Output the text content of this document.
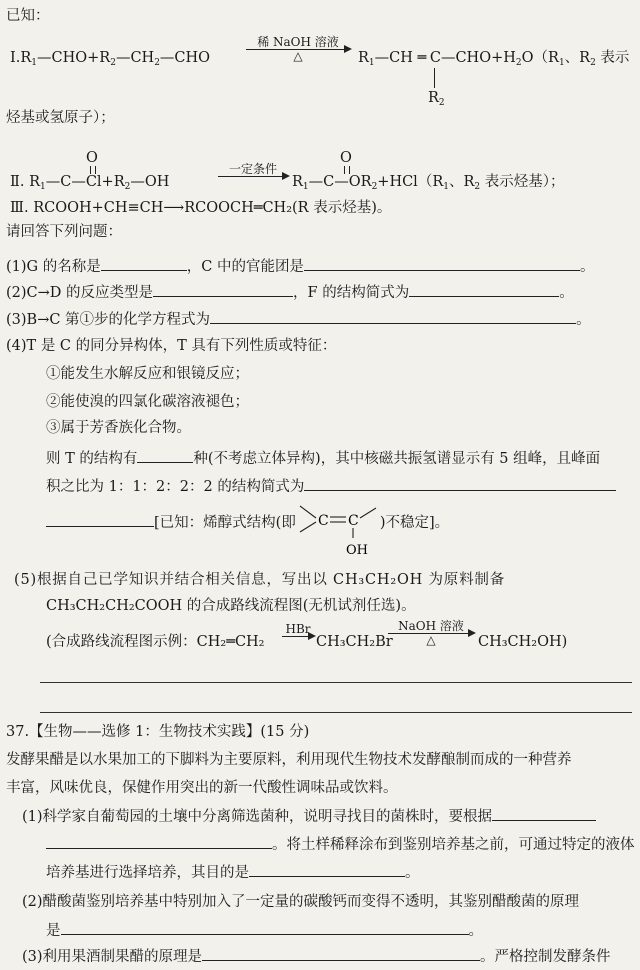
已知：
$Ⅰ.R_1—CHO+R_2—CH_2—CHO$
稀 NaOH 溶液
△	$R_1—CH$ ═ $C—CHO+H_2O(R_1$、$R_2$ 表示
$R_2$
烃基或氢原子）；
O
Ⅱ. $R_1—C—Cl+R_2—OH$
一定条件
O
$R_1—C—OR_2+HCl(R_1$、$R_2$ 表示烃基）；
Ⅲ. RCOOH+CH≡CH⟶RCOOCH═CH₂(R 表示烃基)。
请回答下列问题：
(1)G 的名称是	，C 中的官能团是	。
(2)C→D 的反应类型是	，F 的结构简式为	。
(3)B→C 第①步的化学方程式为	。
(4)T 是 C 的同分异构体，T 具有下列性质或特征：
①能发生水解反应和银镜反应；
②能使溴的四氯化碳溶液褪色；
③属于芳香族化合物。
则 T 的结构有	种(不考虑立体异构)，其中核磁共振氢谱显示有 5 组峰，且峰面
积之比为 1：1：2：2：2 的结构简式为
[已知：烯醇式结构(即	)不稳定]。
C C
OH
(5)根据自己已学知识并结合相关信息，写出以 CH₃CH₂OH 为原料制备
CH₃CH₂CH₂COOH 的合成路线流程图(无机试剂任选)。
(合成路线流程图示例：CH₂═CH₂
HBr
CH₃CH₂Br
NaOH 溶液
△	CH₃CH₂OH)
37.【生物——选修 1：生物技术实践】(15 分)
发酵果醋是以水果加工的下脚料为主要原料，利用现代生物技术发酵酿制而成的一种营养
丰富，风味优良，保健作用突出的新一代酸性调味品或饮料。
(1)科学家自葡萄园的土壤中分离筛选菌种，说明寻找目的菌株时，要根据
。将土样稀释涂布到鉴别培养基之前，可通过特定的液体
培养基进行选择培养，其目的是	。
(2)醋酸菌鉴别培养基中特别加入了一定量的碳酸钙而变得不透明，其鉴别醋酸菌的原理
是	。
(3)利用果酒制果醋的原理是	。严格控制发酵条件
